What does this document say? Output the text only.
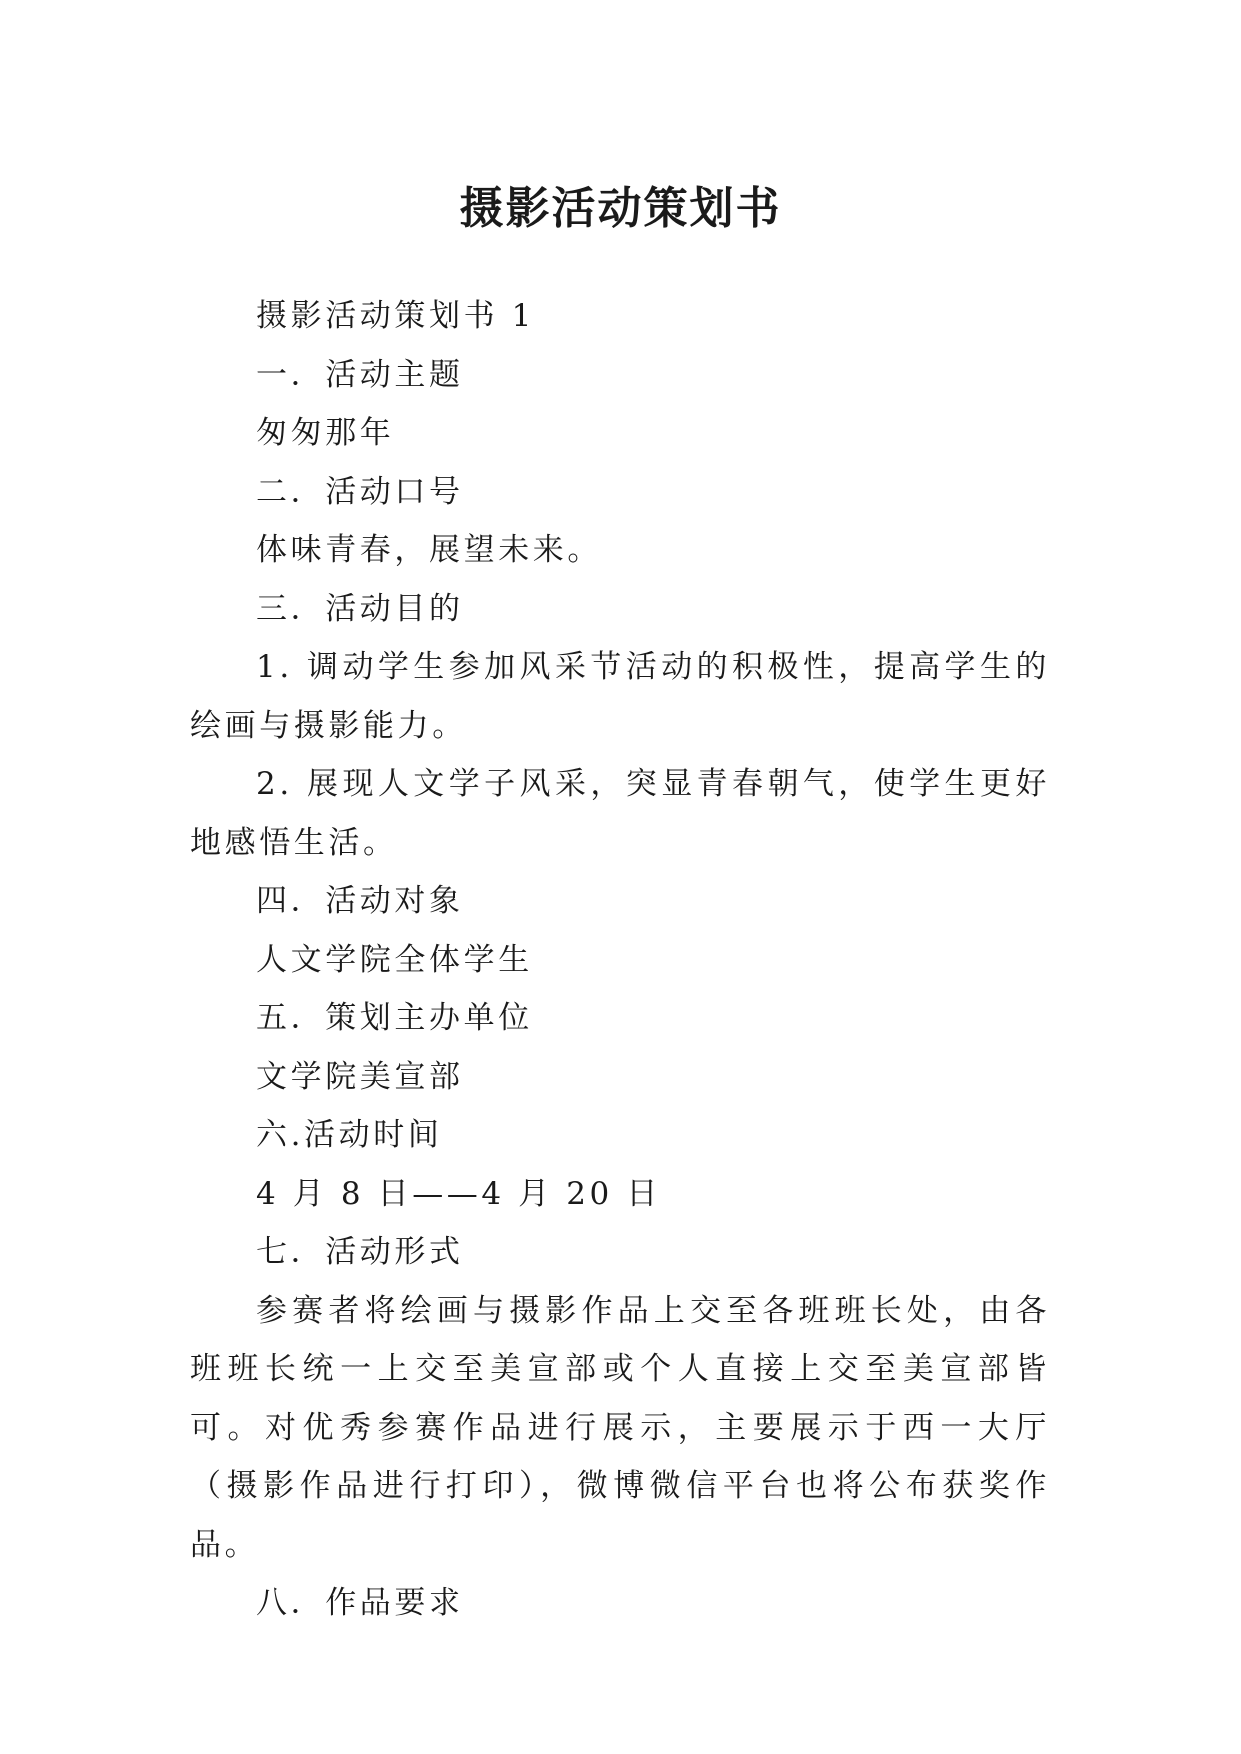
摄影活动策划书

摄影活动策划书 1

一．活动主题

匆匆那年

二．活动口号

体味青春，展望未来。

三．活动目的

1. 调动学生参加风采节活动的积极性，提高学生的绘画与摄影能力。

2. 展现人文学子风采，突显青春朝气，使学生更好地感悟生活。

四．活动对象

人文学院全体学生

五．策划主办单位

文学院美宣部

六.活动时间

4 月 8 日——4 月 20 日

七．活动形式

参赛者将绘画与摄影作品上交至各班班长处，由各班班长统一上交至美宣部或个人直接上交至美宣部皆可。对优秀参赛作品进行展示，主要展示于西一大厅（摄影作品进行打印），微博微信平台也将公布获奖作品。

八．作品要求
